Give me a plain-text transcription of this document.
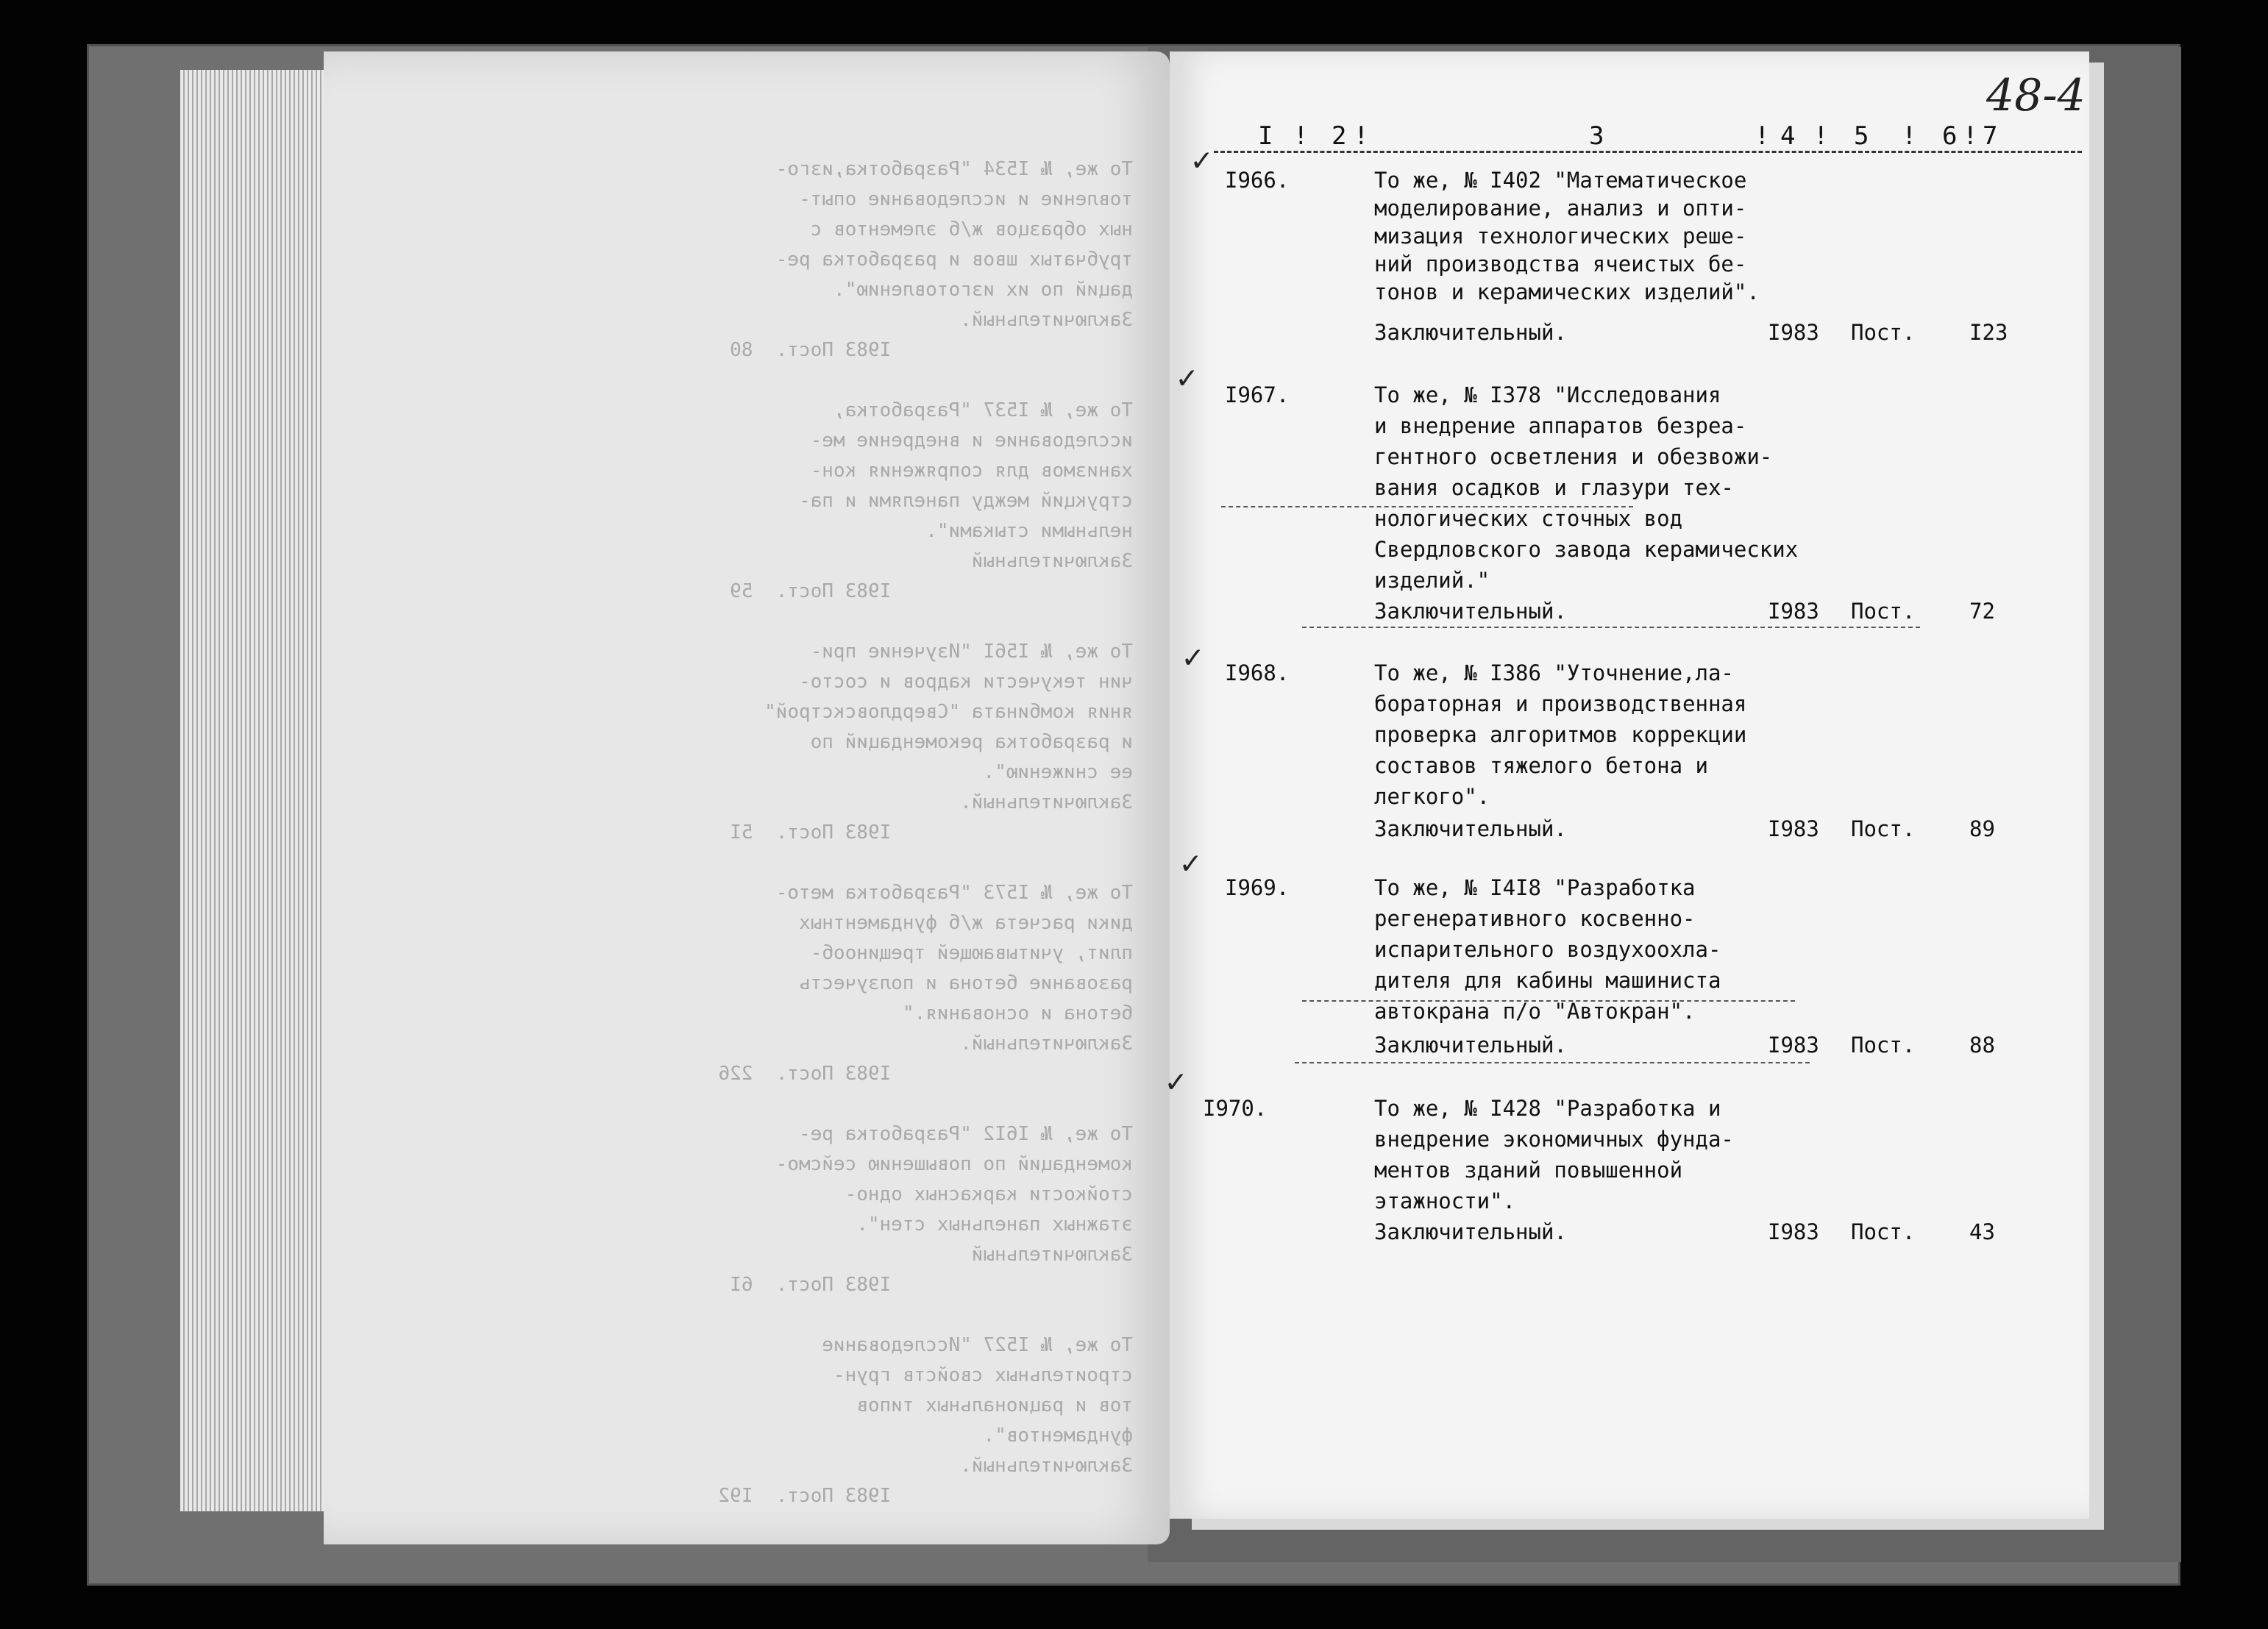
То же, № I534 "Разработка,изго-
товление и исследование опыт-
ных образцов ж/б элементов с
трубчатых швов и разработка ре-
даций по их изготовлению".
Заключительный.
I983 Пост.  80

То же, № I537 "Разработка,
исследование и внедрение ме-
ханизмов для сопряжения кон-
струкций между панелями и па-
нельными стыками".
Заключительный
I983 Пост.  59

То же, № I56I "Изучение при-
чин текучести кадров и состо-
яния комбината "Свердловскстрой"
и разработка рекомендаций по
ее снижению".
Заключительный.
I983 Пост.  5I

То же, № I573 "Разработка мето-
дики расчета ж/б фундаментных
плит, учитывающей трещинооб-
разование бетона и ползучесть
бетона и основания."
Заключительный.
I983 Пост.  226

То же, № I6I2 "Разработка ре-
комендаций по повышению сейсмо-
стойкости каркасных одно-
этажных панельных стен".
Заключительный
I983 Пост.  6I

То же, № I527 "Исследование
строительных свойств грун-
тов и рациональных типов
фундаментов".
Заключительный.
I983 Пост.  I92
48-4
I ! 2 !	3	! 4 ! 5 ! 6 ! 7
✓
I966.	То же, № I402 "Математическое
моделирование, анализ и опти-
мизация технологических реше-
ний производства ячеистых бе-
тонов и керамических изделий".
Заключительный.	I983 Пост.	I23
✓ I967.	То же, № I378 "Исследования
и внедрение аппаратов безреа-
гентного осветления и обезвожи-
вания осадков и глазури тех-
нологических сточных вод
Свердловского завода керамических
изделий."
Заключительный.	I983 Пост.	72
✓ I968.	То же, № I386 "Уточнение,ла-
бораторная и производственная
проверка алгоритмов коррекции
составов тяжелого бетона и
легкого".
Заключительный.	I983 Пост.	89
✓
I969.	То же, № I4I8 "Разработка
регенеративного косвенно-
испарительного воздухоохла-
дителя для кабины машиниста
автокрана п/о "Автокран".
Заключительный.	I983 Пост.	88
✓
I970.	То же, № I428 "Разработка и
внедрение экономичных фунда-
ментов зданий повышенной
этажности".
Заключительный.	I983 Пост.	43
